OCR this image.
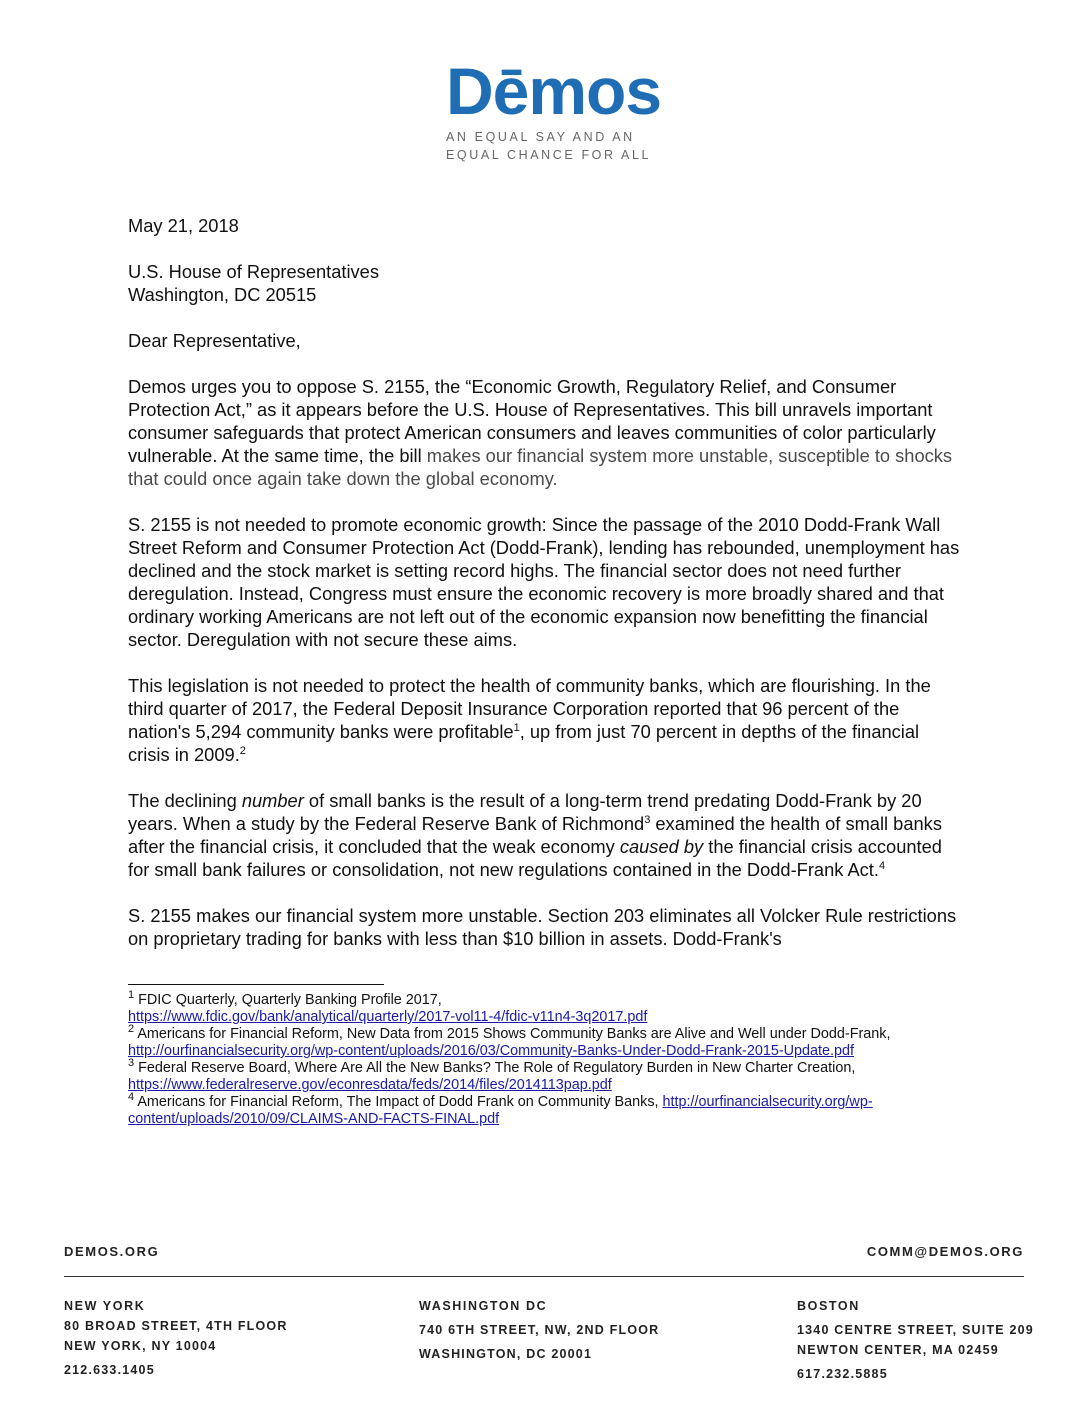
Dēmos
AN EQUAL SAY AND AN
EQUAL CHANCE FOR ALL

May 21, 2018

U.S. House of Representatives

Washington, DC 20515

Dear Representative,

Demos urges you to oppose S. 2155, the “Economic Growth, Regulatory Relief, and Consumer Protection Act,” as it appears before the U.S. House of Representatives. This bill unravels important consumer safeguards that protect American consumers and leaves communities of color particularly vulnerable. At the same time, the bill makes our financial system more unstable, susceptible to shocks that could once again take down the global economy.

S. 2155 is not needed to promote economic growth: Since the passage of the 2010 Dodd-Frank Wall Street Reform and Consumer Protection Act (Dodd-Frank), lending has rebounded, unemployment has declined and the stock market is setting record highs. The financial sector does not need further deregulation. Instead, Congress must ensure the economic recovery is more broadly shared and that ordinary working Americans are not left out of the economic expansion now benefitting the financial sector. Deregulation with not secure these aims.

This legislation is not needed to protect the health of community banks, which are flourishing. In the third quarter of 2017, the Federal Deposit Insurance Corporation reported that 96 percent of the nation's 5,294 community banks were profitable$^1$, up from just 70 percent in depths of the financial crisis in 2009.$^2$

The declining number of small banks is the result of a long-term trend predating Dodd-Frank by 20 years. When a study by the Federal Reserve Bank of Richmond$^3$ examined the health of small banks after the financial crisis, it concluded that the weak economy caused by the financial crisis accounted for small bank failures or consolidation, not new regulations contained in the Dodd-Frank Act.$^4$

S. 2155 makes our financial system more unstable. Section 203 eliminates all Volcker Rule restrictions on proprietary trading for banks with less than $10 billion in assets. Dodd-Frank's

$^1$ FDIC Quarterly, Quarterly Banking Profile 2017,
https://www.fdic.gov/bank/analytical/quarterly/2017-vol11-4/fdic-v11n4-3q2017.pdf
$^2$ Americans for Financial Reform, New Data from 2015 Shows Community Banks are Alive and Well under Dodd-Frank, http://ourfinancialsecurity.org/wp-content/uploads/2016/03/Community-Banks-Under-Dodd-Frank-2015-Update.pdf
$^3$ Federal Reserve Board, Where Are All the New Banks? The Role of Regulatory Burden in New Charter Creation,
https://www.federalreserve.gov/econresdata/feds/2014/files/2014113pap.pdf
$^4$ Americans for Financial Reform, The Impact of Dodd Frank on Community Banks, http://ourfinancialsecurity.org/wp-content/uploads/2010/09/CLAIMS-AND-FACTS-FINAL.pdf
DEMOS.ORG	COMM@DEMOS.ORG
NEW YORK
80 BROAD STREET, 4TH FLOOR
NEW YORK, NY 10004
212.633.1405
WASHINGTON DC
740 6TH STREET, NW, 2ND FLOOR
WASHINGTON, DC 20001
BOSTON
1340 CENTRE STREET, SUITE 209
NEWTON CENTER, MA 02459
617.232.5885
